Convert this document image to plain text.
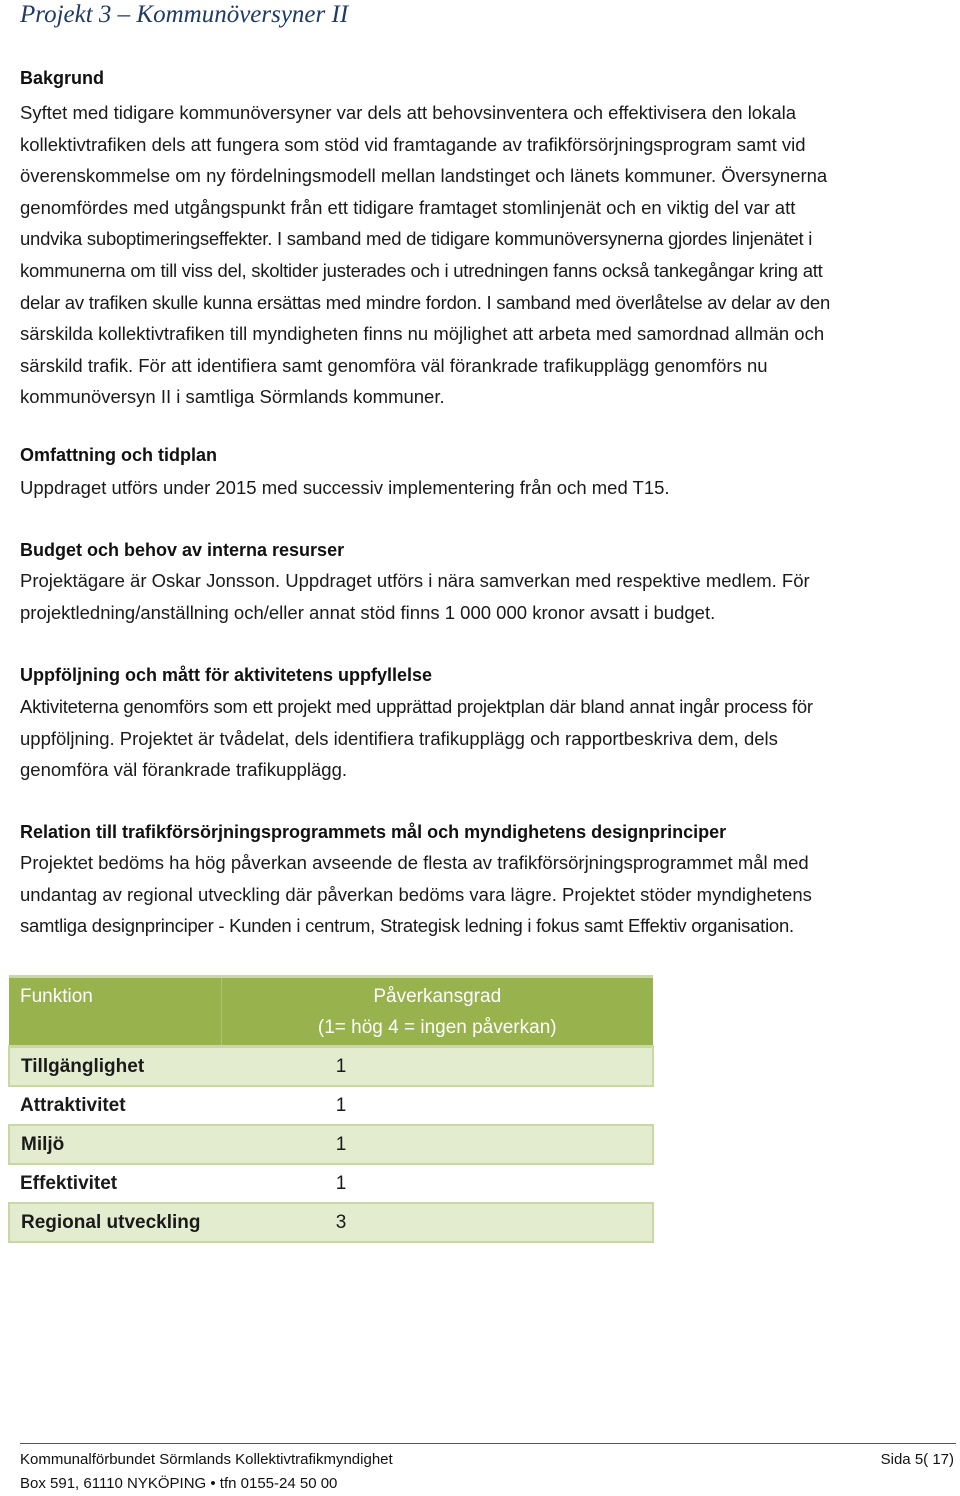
Projekt 3 – Kommunöversyner II
Bakgrund
Syftet med tidigare kommunöversyner var dels att behovsinventera och effektivisera den lokala
kollektivtrafiken dels att fungera som stöd vid framtagande av trafikförsörjningsprogram samt vid
överenskommelse om ny fördelningsmodell mellan landstinget och länets kommuner. Översynerna
genomfördes med utgångspunkt från ett tidigare framtaget stomlinjenät och en viktig del var att
undvika suboptimeringseffekter. I samband med de tidigare kommunöversynerna gjordes linjenätet i
kommunerna om till viss del, skoltider justerades och i utredningen fanns också tankegångar kring att
delar av trafiken skulle kunna ersättas med mindre fordon. I samband med överlåtelse av delar av den
särskilda kollektivtrafiken till myndigheten finns nu möjlighet att arbeta med samordnad allmän och
särskild trafik. För att identifiera samt genomföra väl förankrade trafikupplägg genomförs nu
kommunöversyn II i samtliga Sörmlands kommuner.
Omfattning och tidplan
Uppdraget utförs under 2015 med successiv implementering från och med T15.
Budget och behov av interna resurser
Projektägare är Oskar Jonsson. Uppdraget utförs i nära samverkan med respektive medlem. För
projektledning/anställning och/eller annat stöd finns 1 000 000 kronor avsatt i budget.
Uppföljning och mått för aktivitetens uppfyllelse
Aktiviteterna genomförs som ett projekt med upprättad projektplan där bland annat ingår process för
uppföljning. Projektet är tvådelat, dels identifiera trafikupplägg och rapportbeskriva dem, dels
genomföra väl förankrade trafikupplägg.
Relation till trafikförsörjningsprogrammets mål och myndighetens designprinciper
Projektet bedöms ha hög påverkan avseende de flesta av trafikförsörjningsprogrammet mål med
undantag av regional utveckling där påverkan bedöms vara lägre. Projektet stöder myndighetens
samtliga designprinciper - Kunden i centrum, Strategisk ledning i fokus samt Effektiv organisation.
Funktion	Påverkansgrad
(1= hög 4 = ingen påverkan)	

Tillgänglighet	1	
Attraktivitet	1	
Miljö	1	
Effektivitet	1	
Regional utveckling	3	
Kommunalförbundet Sörmlands Kollektivtrafikmyndighet
Box 591, 61110 NYKÖPING • tfn 0155-24 50 00
Sida 5( 17)
